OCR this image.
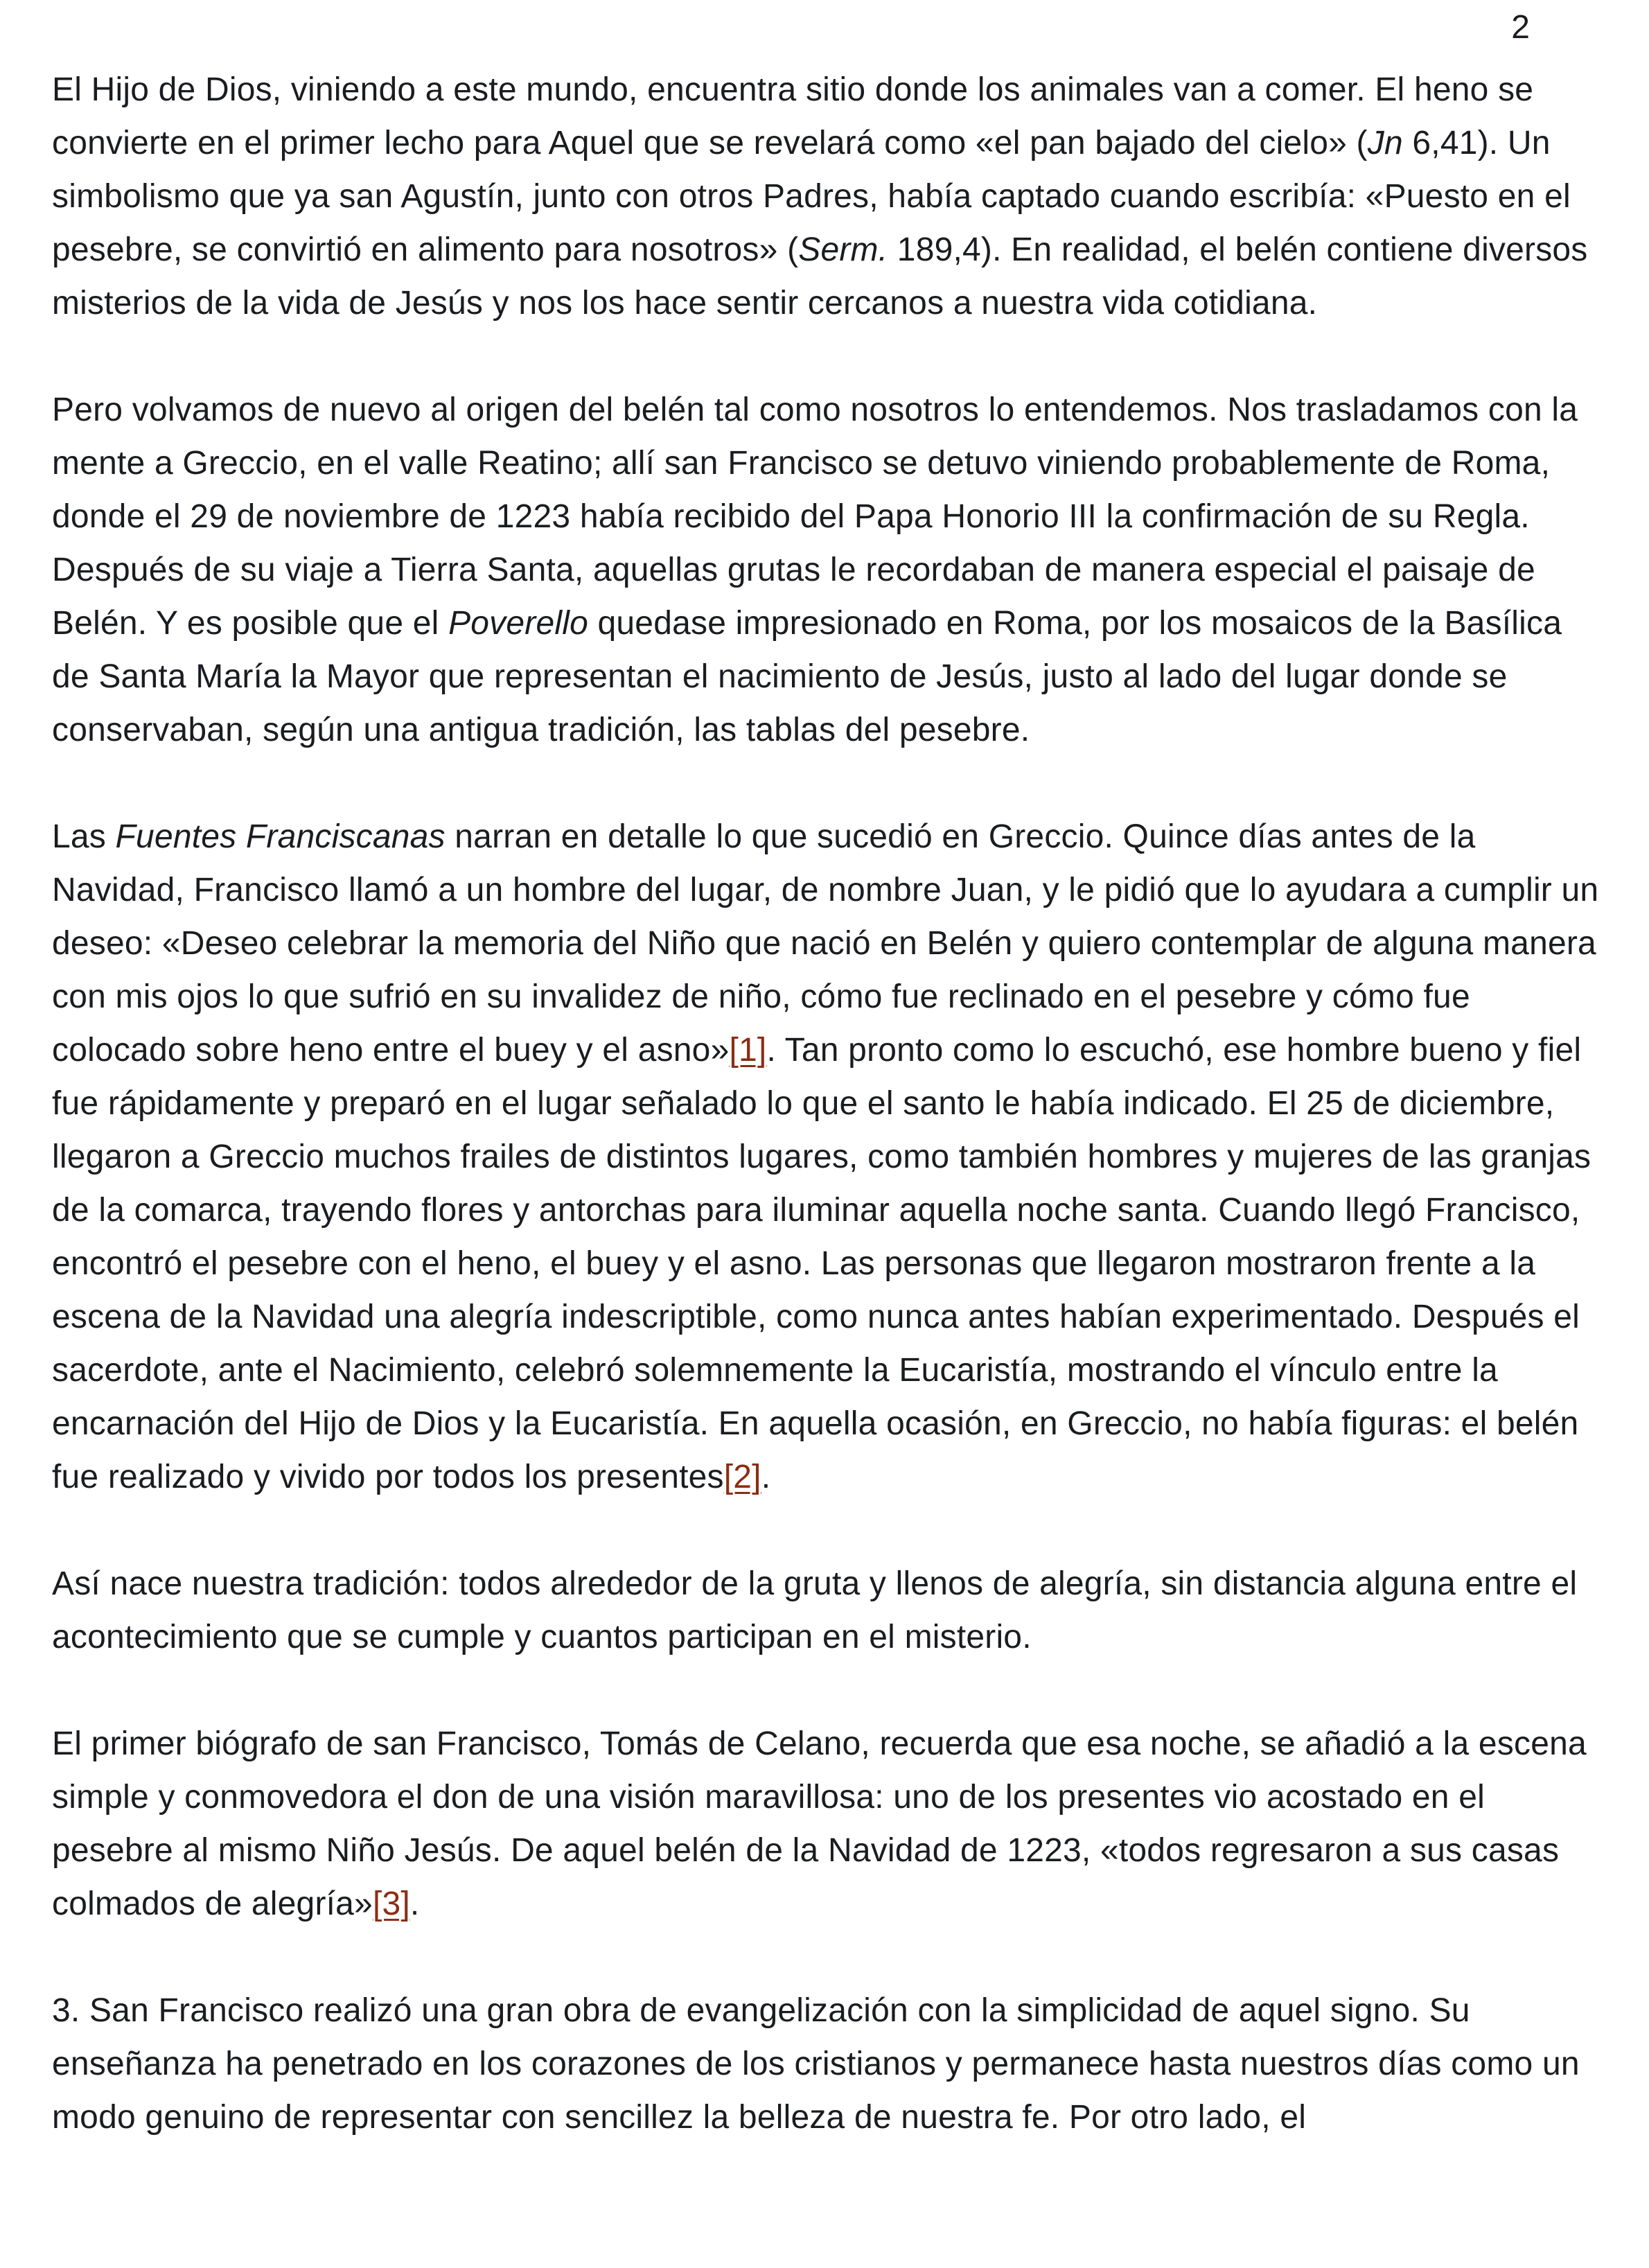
2

El Hijo de Dios, viniendo a este mundo, encuentra sitio donde los animales van a comer. El heno se convierte en el primer lecho para Aquel que se revelará como «el pan bajado del cielo» (Jn 6,41). Un simbolismo que ya san Agustín, junto con otros Padres, había captado cuando escribía: «Puesto en el pesebre, se convirtió en alimento para nosotros» (Serm. 189,4). En realidad, el belén contiene diversos misterios de la vida de Jesús y nos los hace sentir cercanos a nuestra vida cotidiana.

Pero volvamos de nuevo al origen del belén tal como nosotros lo entendemos. Nos trasladamos con la mente a Greccio, en el valle Reatino; allí san Francisco se detuvo viniendo probablemente de Roma, donde el 29 de noviembre de 1223 había recibido del Papa Honorio III la confirmación de su Regla. Después de su viaje a Tierra Santa, aquellas grutas le recordaban de manera especial el paisaje de Belén. Y es posible que el Poverello quedase impresionado en Roma, por los mosaicos de la Basílica de Santa María la Mayor que representan el nacimiento de Jesús, justo al lado del lugar donde se conservaban, según una antigua tradición, las tablas del pesebre.

Las Fuentes Franciscanas narran en detalle lo que sucedió en Greccio. Quince días antes de la Navidad, Francisco llamó a un hombre del lugar, de nombre Juan, y le pidió que lo ayudara a cumplir un deseo: «Deseo celebrar la memoria del Niño que nació en Belén y quiero contemplar de alguna manera con mis ojos lo que sufrió en su invalidez de niño, cómo fue reclinado en el pesebre y cómo fue colocado sobre heno entre el buey y el asno»[1]. Tan pronto como lo escuchó, ese hombre bueno y fiel fue rápidamente y preparó en el lugar señalado lo que el santo le había indicado. El 25 de diciembre, llegaron a Greccio muchos frailes de distintos lugares, como también hombres y mujeres de las granjas de la comarca, trayendo flores y antorchas para iluminar aquella noche santa. Cuando llegó Francisco, encontró el pesebre con el heno, el buey y el asno. Las personas que llegaron mostraron frente a la escena de la Navidad una alegría indescriptible, como nunca antes habían experimentado. Después el sacerdote, ante el Nacimiento, celebró solemnemente la Eucaristía, mostrando el vínculo entre la encarnación del Hijo de Dios y la Eucaristía. En aquella ocasión, en Greccio, no había figuras: el belén fue realizado y vivido por todos los presentes[2].

Así nace nuestra tradición: todos alrededor de la gruta y llenos de alegría, sin distancia alguna entre el acontecimiento que se cumple y cuantos participan en el misterio.

El primer biógrafo de san Francisco, Tomás de Celano, recuerda que esa noche, se añadió a la escena simple y conmovedora el don de una visión maravillosa: uno de los presentes vio acostado en el pesebre al mismo Niño Jesús. De aquel belén de la Navidad de 1223, «todos regresaron a sus casas colmados de alegría»[3].

3. San Francisco realizó una gran obra de evangelización con la simplicidad de aquel signo. Su enseñanza ha penetrado en los corazones de los cristianos y permanece hasta nuestros días como un modo genuino de representar con sencillez la belleza de nuestra fe. Por otro lado, el
